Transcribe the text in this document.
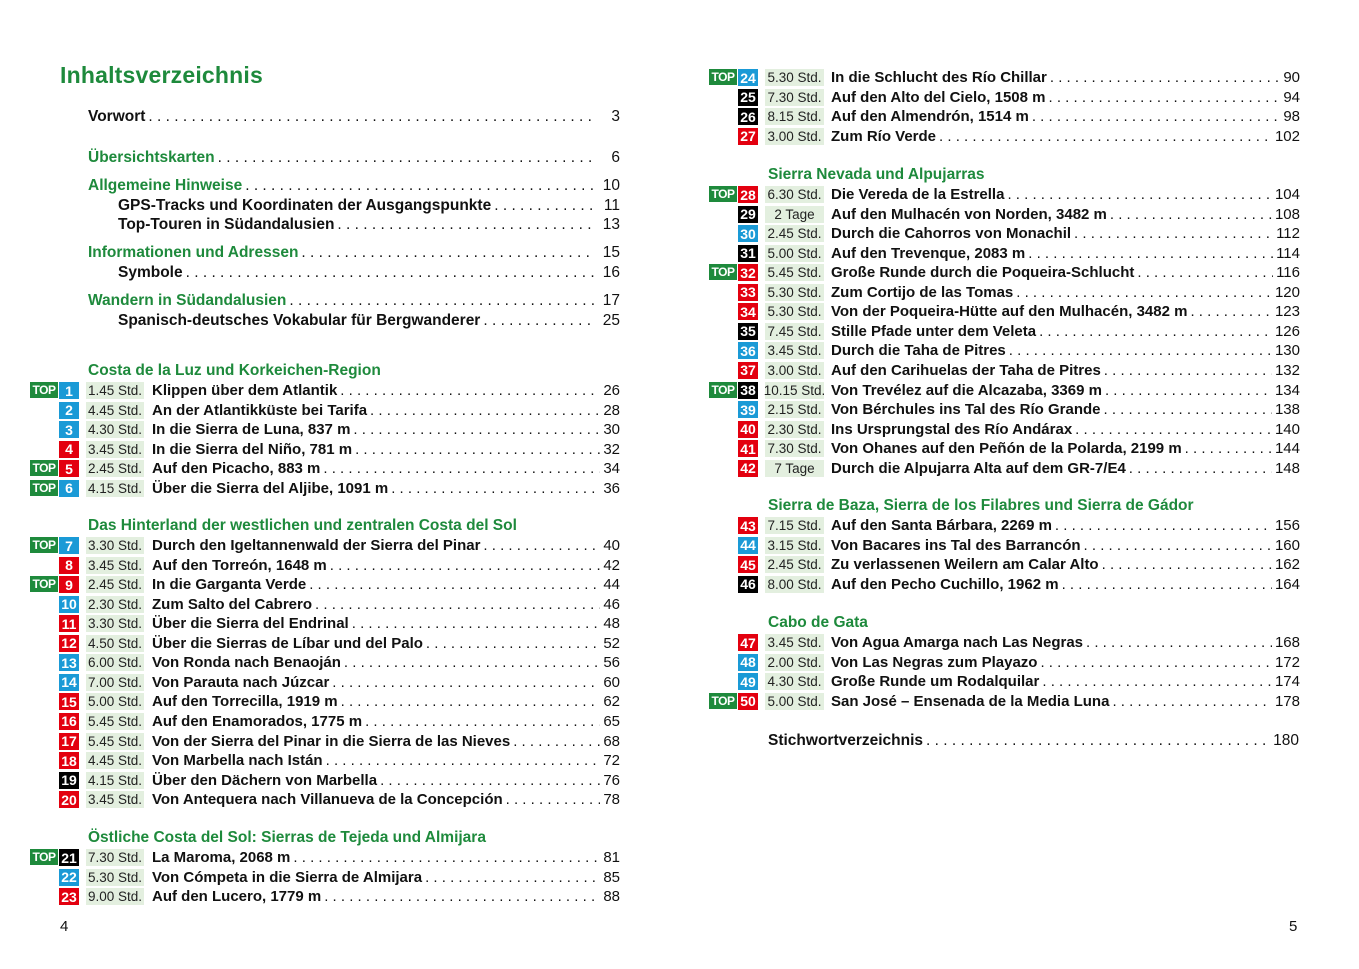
Inhaltsverzeichnis
Vorwort . . .	3
Übersichtskarten . . .	6
Allgemeine Hinweise . . .	10
GPS-Tracks und Koordinaten der Ausgangspunkte . . .	11
Top-Touren in Südandalusien . . .	13
Informationen und Adressen . . .	15
Symbole . . .	16
Wandern in Südandalusien . . .	17
Spanisch-deutsches Vokabular für Bergwanderer . . .	25
Costa de la Luz und Korkeichen-Region
TOP 1	1.45 Std. Klippen über dem Atlantik . . .	26
2	4.45 Std. An der Atlantikküste bei Tarifa . . .	28
3	4.30 Std. In die Sierra de Luna, 837 m . . .	30
4	3.45 Std. In die Sierra del Niño, 781 m . . .	32
TOP 5	2.45 Std. Auf den Picacho, 883 m . . .	34
TOP 6	4.15 Std. Über die Sierra del Aljibe, 1091 m . . .	36
Das Hinterland der westlichen und zentralen Costa del Sol
TOP 7	3.30 Std. Durch den Igeltannenwald der Sierra del Pinar . . .	40
8	3.45 Std. Auf den Torreón, 1648 m . . .	42
TOP 9	2.45 Std. In die Garganta Verde . . .	44
10 2.30 Std. Zum Salto del Cabrero . . .	46
11 3.30 Std. Über die Sierra del Endrinal . . .	48
12 4.50 Std. Über die Sierras de Líbar und del Palo . . .	52
13 6.00 Std. Von Ronda nach Benaoján . . .	56
14 7.00 Std. Von Parauta nach Júzcar . . .	60
15 5.00 Std. Auf den Torrecilla, 1919 m . . .	62
16 5.45 Std. Auf den Enamorados, 1775 m . . .	65
17 5.45 Std. Von der Sierra del Pinar in die Sierra de las Nieves . . .	68
18 4.45 Std. Von Marbella nach Istán . . .	72
19 4.15 Std. Über den Dächern von Marbella . . .	76
20 3.45 Std. Von Antequera nach Villanueva de la Concepción . . .	78
Östliche Costa del Sol: Sierras de Tejeda und Almijara
TOP 21 7.30 Std. La Maroma, 2068 m . . .	81
22 5.30 Std. Von Cómpeta in die Sierra de Almijara . . .	85
23 9.00 Std. Auf den Lucero, 1779 m . . .	88
4
TOP 24 5.30 Std. In die Schlucht des Río Chillar . . .	90
25 7.30 Std. Auf den Alto del Cielo, 1508 m . . .	94
26 8.15 Std. Auf den Almendrón, 1514 m . . .	98
27 3.00 Std. Zum Río Verde . . .	102
Sierra Nevada und Alpujarras
TOP 28 6.30 Std. Die Vereda de la Estrella . . .	104
29	2 Tage	Auf den Mulhacén von Norden, 3482 m . . .	108
30 2.45 Std. Durch die Cahorros von Monachil . . .	112
31 5.00 Std. Auf den Trevenque, 2083 m . . .	114
TOP 32 5.45 Std. Große Runde durch die Poqueira-Schlucht . . .	116
33 5.30 Std. Zum Cortijo de las Tomas . . .	120
34 5.30 Std. Von der Poqueira-Hütte auf den Mulhacén, 3482 m . . .	123
35 7.45 Std. Stille Pfade unter dem Veleta . . .	126
36 3.45 Std. Durch die Taha de Pitres . . .	130
37 3.00 Std. Auf den Carihuelas der Taha de Pitres . . .	132
TOP 38 10.15 Std. Von Trevélez auf die Alcazaba, 3369 m . . .	134
39 2.15 Std. Von Bérchules ins Tal des Río Grande . . .	138
40 2.30 Std. Ins Ursprungstal des Río Andárax . . .	140
41 7.30 Std. Von Ohanes auf den Peñón de la Polarda, 2199 m . . .	144
42	7 Tage	Durch die Alpujarra Alta auf dem GR-7/E4 . . .	148
Sierra de Baza, Sierra de los Filabres und Sierra de Gádor
43 7.15 Std. Auf den Santa Bárbara, 2269 m . . .	156
44 3.15 Std. Von Bacares ins Tal des Barrancón . . .	160
45 2.45 Std. Zu verlassenen Weilern am Calar Alto . . .	162
46 8.00 Std. Auf den Pecho Cuchillo, 1962 m . . .	164
Cabo de Gata
47 3.45 Std. Von Agua Amarga nach Las Negras . . .	168
48 2.00 Std. Von Las Negras zum Playazo . . .	172
49 4.30 Std. Große Runde um Rodalquilar . . .	174
TOP 50 5.00 Std. San José – Ensenada de la Media Luna . . .	178
Stichwortverzeichnis . . .	180
5
